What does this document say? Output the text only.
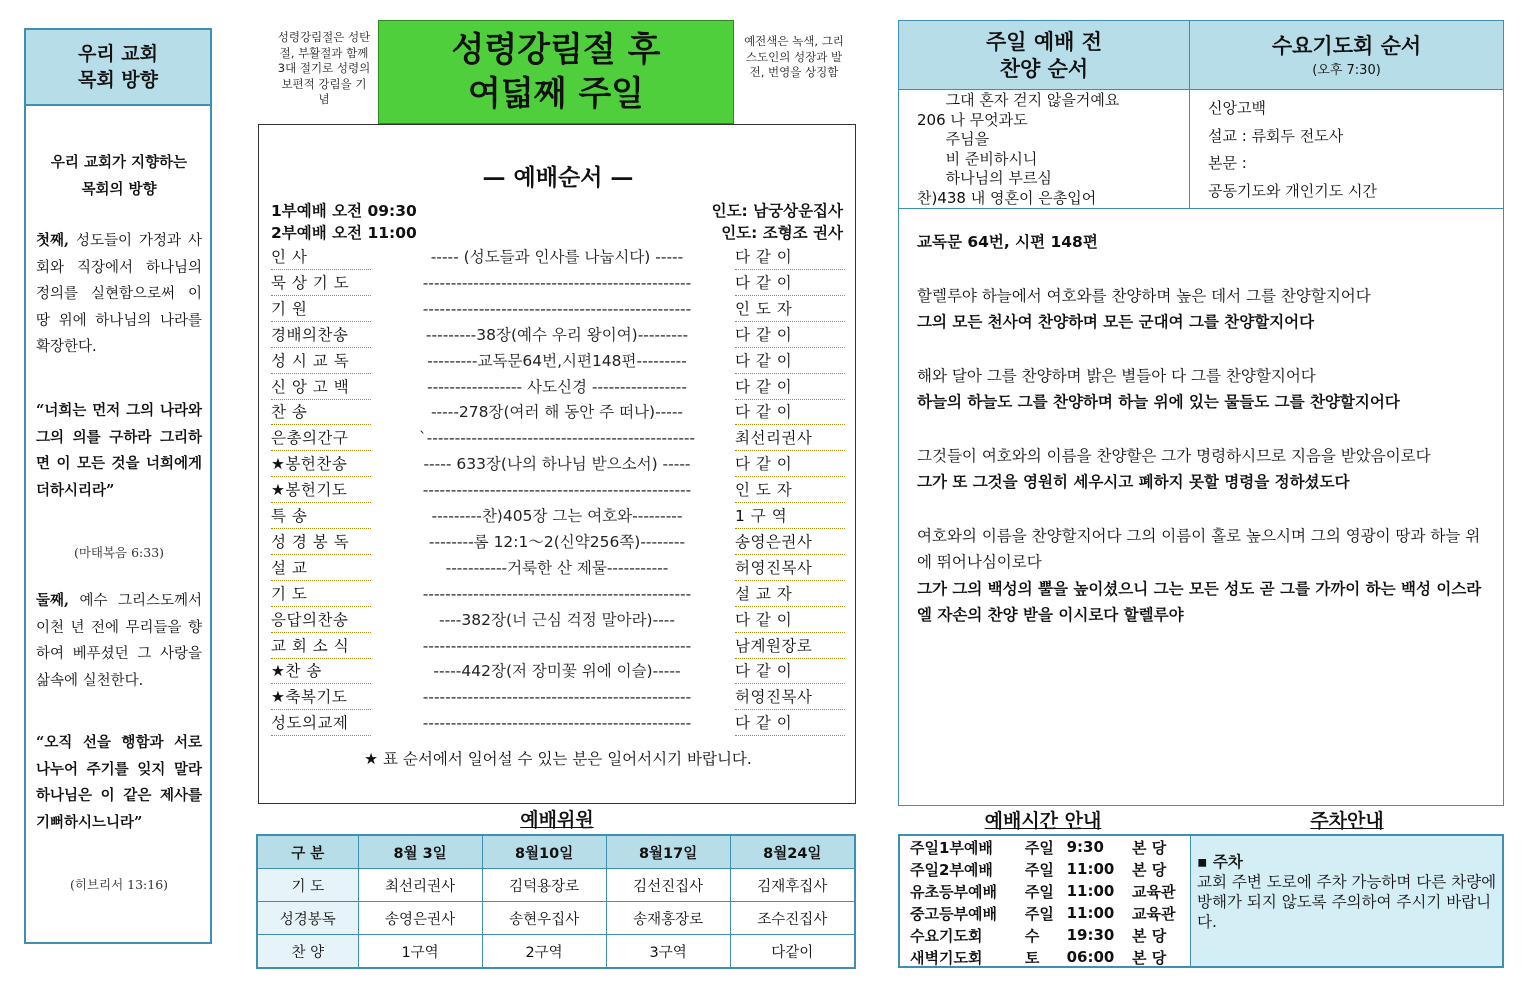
우리 교회
목회 방향
우리 교회가 지향하는
목회의 방향
첫째, 성도들이 가정과 사회와 직장에서 하나님의 정의를 실현함으로써 이 땅 위에 하나님의 나라를 확장한다.
“너희는 먼저 그의 나라와 그의 의를 구하라 그리하면 이 모든 것을 너희에게 더하시리라”
(마태복음 6:33)
둘째, 예수 그리스도께서 이천 년 전에 무리들을 향하여 베푸셨던 그 사랑을 삶속에 실천한다.
“오직 선을 행함과 서로 나누어 주기를 잊지 말라 하나님은 이 같은 제사를 기뻐하시느니라”
(히브리서 13:16)
성령강림절은 성탄절, 부활절과 함께 3대 절기로 성령의 보편적 강림을 기념
성령강림절 후
여덟째 주일
예전색은 녹색, 그리스도인의 성장과 발전, 번영을 상징함
— 예배순서 —
1부예배 오전 09:30	인도: 남궁상운집사
2부예배 오전 11:00	인도: 조형조 권사
인 사	----- (성도들과 인사를 나눕시다) -----	다 같 이
묵 상 기 도	------------------------------------------------	다 같 이
기 원	------------------------------------------------	인 도 자
경배의찬송	---------38장(예수 우리 왕이여)---------	다 같 이
성 시 교 독	---------교독문64번,시편148편---------	다 같 이
신 앙 고 백	----------------- 사도신경 -----------------	다 같 이
찬 송	-----278장(여러 해 동안 주 떠나)-----	다 같 이
은총의간구	`------------------------------------------------	최선리권사
★봉헌찬송	----- 633장(나의 하나님 받으소서) -----	다 같 이
★봉헌기도	------------------------------------------------	인 도 자
특 송	---------찬)405장 그는 여호와---------	1 구 역
성 경 봉 독	--------롬 12:1～2(신약256쪽)--------	송영은권사
설 교	-----------거룩한 산 제물-----------	허영진목사
기 도	------------------------------------------------	설 교 자
응답의찬송	----382장(너 근심 걱정 말아라)----	다 같 이
교 회 소 식	------------------------------------------------	남계원장로
★찬 송	-----442장(저 장미꽃 위에 이슬)-----	다 같 이
★축복기도	------------------------------------------------	허영진목사
성도의교제	------------------------------------------------	다 같 이
★ 표 순서에서 일어설 수 있는 분은 일어서시기 바랍니다.
예배위원
구 분	8월 3일	8월10일	8월17일	8월24일
기 도	최선리권사	김덕용장로	김선진집사	김재후집사
성경봉독	송영은권사	송현우집사	송재홍장로	조수진집사
찬 양	1구역	2구역	3구역	다같이
주일 예배 전
찬양 순서
수요기도회 순서
(오후 7:30)
그대 혼자 걷지 않을거예요
206 나 무엇과도
주님을
비 준비하시니
하나님의 부르심
찬)438 내 영혼이 은총입어
신앙고백
설교 : 류회두 전도사
본문 :
공동기도와 개인기도 시간

교독문 64번, 시편 148편

할렐루야 하늘에서 여호와를 찬양하며 높은 데서 그를 찬양할지어다

그의 모든 천사여 찬양하며 모든 군대여 그를 찬양할지어다

해와 달아 그를 찬양하며 밝은 별들아 다 그를 찬양할지어다

하늘의 하늘도 그를 찬양하며 하늘 위에 있는 물들도 그를 찬양할지어다

그것들이 여호와의 이름을 찬양할은 그가 명령하시므로 지음을 받았음이로다

그가 또 그것을 영원히 세우시고 폐하지 못할 명령을 정하셨도다

여호와의 이름을 찬양할지어다 그의 이름이 홀로 높으시며 그의 영광이 땅과 하늘 위에 뛰어나심이로다

그가 그의 백성의 뿔을 높이셨으니 그는 모든 성도 곧 그를 가까이 하는 백성 이스라엘 자손의 찬양 받을 이시로다 할렐루야

예배시간 안내	주차안내
주일1부예배	주일	9:30	본 당
주일2부예배	주일	11:00	본 당
유초등부예배	주일	11:00	교육관
중고등부예배	주일	11:00	교육관
수요기도회	수	19:30	본 당
새벽기도회	토	06:00	본 당
▪ 주차
교회 주변 도로에 주차 가능하며 다른 차량에 방해가 되지 않도록 주의하여 주시기 바랍니다.
